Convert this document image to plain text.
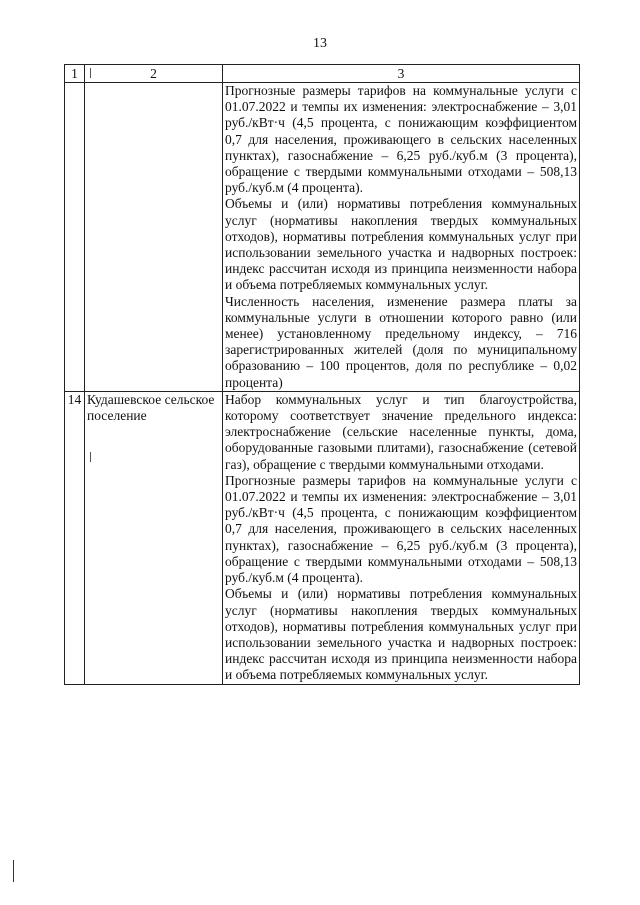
13
1	2	3

		Прогнозные размеры тарифов на коммунальные услуги с 01.07.2022 и темпы их изменения: электроснабжение – 3,01 руб./кВт·ч (4,5 процента, с понижающим коэффициентом 0,7 для населения, проживающего в сельских населенных пунктах), газоснабжение – 6,25 руб./куб.м (3 процента), обращение с твердыми коммунальными отходами – 508,13 руб./куб.м (4 процента).

Объемы и (или) нормативы потребления коммунальных услуг (нормативы накопления твердых коммунальных отходов), нормативы потребления коммунальных услуг при использовании земельного участка и надворных построек: индекс рассчитан исходя из принципа неизменности набора и объема потребляемых коммунальных услуг.

Численность населения, изменение размера платы за коммунальные услуги в отношении которого равно (или менее) установленному предельному индексу, – 716 зарегистрированных жителей (доля по муниципальному образованию – 100 процентов, доля по республике – 0,02 процента)

14	Кудашевское сельское поселение	Набор коммунальных услуг и тип благоустройства, которому соответствует значение предельного индекса: электроснабжение (сельские населенные пункты, дома, оборудованные газовыми плитами), газоснабжение (сетевой газ), обращение с твердыми коммунальными отходами.

Прогнозные размеры тарифов на коммунальные услуги с 01.07.2022 и темпы их изменения: электроснабжение – 3,01 руб./кВт·ч (4,5 процента, с понижающим коэффициентом 0,7 для населения, проживающего в сельских населенных пунктах), газоснабжение – 6,25 руб./куб.м (3 процента), обращение с твердыми коммунальными отходами – 508,13 руб./куб.м (4 процента).

Объемы и (или) нормативы потребления коммунальных услуг (нормативы накопления твердых коммунальных отходов), нормативы потребления коммунальных услуг при использовании земельного участка и надворных построек: индекс рассчитан исходя из принципа неизменности набора и объема потребляемых коммунальных услуг.
